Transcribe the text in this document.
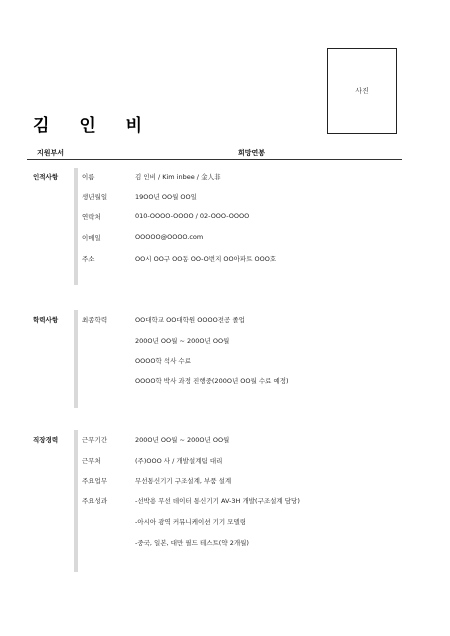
사진
김 인 비
지원부서	희망연봉
인적사항	이름	김 인비 / Kim inbee / 金人非
생년월일	19OO년 OO월 OO일
연락처	010-OOOO-OOOO / 02-OOO-OOOO
이메일	OOOOO@OOOO.com
주소	OO시 OO구 OO동 OO-O번지 OO아파트 OOO호
학력사항	최종학력	OO대학교 OO대학원 OOOO전공 졸업
200O년 OO월 ~ 200O년 OO월
OOOO학 석사 수료
OOOO학 박사 과정 진행중(200O년 OO월 수료 예정)
직장경력	근무기간	200O년 OO월 ~ 200O년 OO월
근무처	(주)OOO 사 / 개발설계팀 대리
주요업무	무선통신기기 구조설계, 부품 설계
주요성과	-선박용 무선 데이터 통신기기 AV-3H 개발(구조설계 담당)
-아시아 광역 커뮤니케이션 기기 모델링
-중국, 일본, 대만 필드 테스트(약 2개월)
